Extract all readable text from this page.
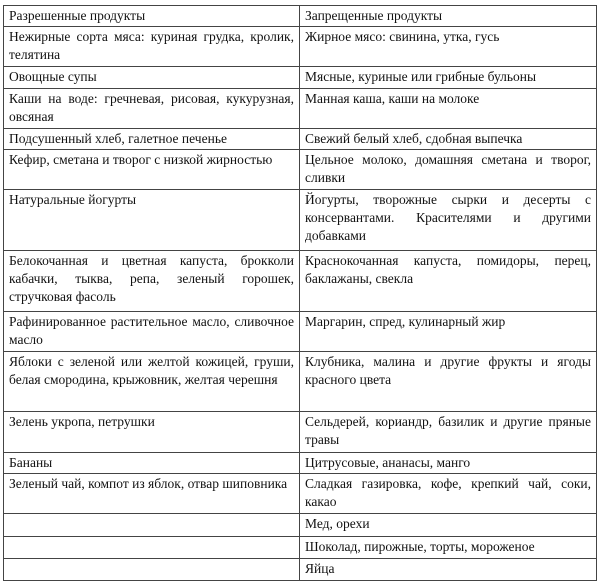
Разрешенные продукты	Запрещенные продукты
Нежирные сорта мяса: куриная грудка, кролик, телятина	Жирное мясо: свинина, утка, гусь
Овощные супы	Мясные, куриные или грибные бульоны
Каши на воде: гречневая, рисовая, кукурузная, овсяная	Манная каша, каши на молоке
Подсушенный хлеб, галетное печенье	Свежий белый хлеб, сдобная выпечка
Кефир, сметана и творог с низкой жирностью	Цельное молоко, домашняя сметана и творог, сливки
Натуральные йогурты	Йогурты, творожные сырки и десерты с консервантами. Красителями и другими добавками
Белокочанная и цветная капуста, брокколи кабачки, тыква, репа, зеленый горошек, стручковая фасоль	Краснокочанная капуста, помидоры, перец, баклажаны, свекла
Рафинированное растительное масло, сливочное масло	Маргарин, спред, кулинарный жир
Яблоки с зеленой или желтой кожицей, груши, белая смородина, крыжовник, желтая черешня	Клубника, малина и другие фрукты и ягоды красного цвета
Зелень укропа, петрушки	Сельдерей, кориандр, базилик и другие пряные травы
Бананы	Цитрусовые, ананасы, манго
Зеленый чай, компот из яблок, отвар шиповника	Сладкая газировка, кофе, крепкий чай, соки, какао
	Мед, орехи
	Шоколад, пирожные, торты, мороженое
	Яйца
